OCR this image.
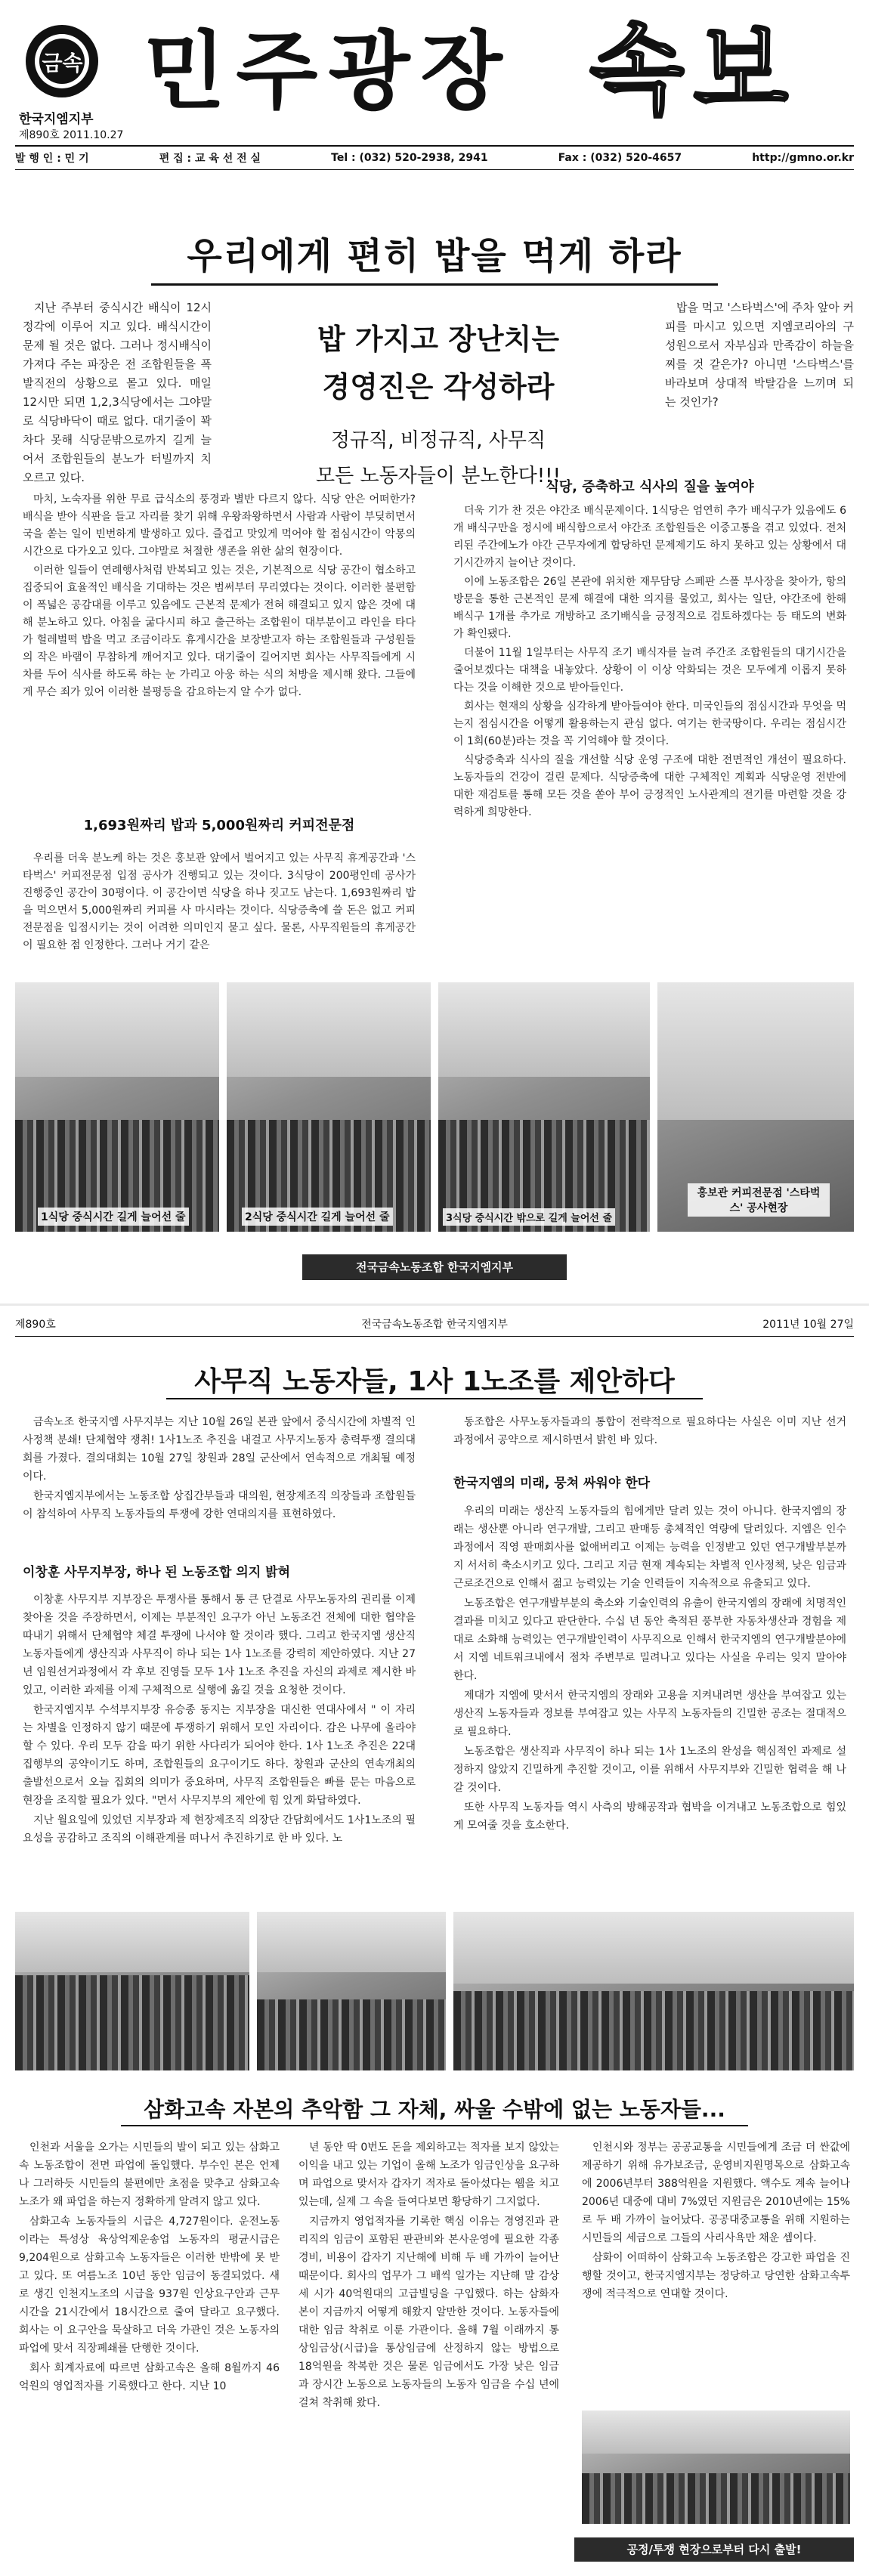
금속
한국지엠지부
제890호 2011.10.27
민주광장 속보
발 행 인 : 민 기	편 집 : 교 육 선 전 실	Tel : (032) 520-2938, 2941	Fax : (032) 520-4657	http://gmno.or.kr
우리에게 편히 밥을 먹게 하라

지난 주부터 중식시간 배식이 12시 정각에 이루어 지고 있다. 배식시간이 문제 될 것은 없다. 그러나 정시배식이 가져다 주는 파장은 전 조합원들을 폭발직전의 상황으로 몰고 있다. 매일 12시만 되면 1,2,3식당에서는 그야말로 식당바닥이 때로 없다. 대기줄이 꽉 차다 못해 식당문밖으로까지 길게 늘어서 조합원들의 분노가 터빌까지 치오르고 있다.

밥 가지고 장난치는
경영진은 각성하라
정규직, 비정규직, 사무직
모든 노동자들이 분노한다!!!

밥을 먹고 '스타벅스'에 주차 앞아 커피를 마시고 있으면 지엠코리아의 구성원으로서 자부심과 만족감이 하늘을 찌를 것 같은가? 아니면 '스타벅스'를 바라보며 상대적 박탈감을 느끼며 되는 것인가?

마치, 노숙자를 위한 무료 급식소의 풍경과 별반 다르지 않다. 식당 안은 어떠한가? 배식을 받아 식판을 들고 자리를 찾기 위해 우왕좌왕하면서 사람과 사람이 부딪히면서 국을 쏟는 일이 빈번하게 발생하고 있다. 즐겁고 맛있게 먹어야 할 점심시간이 악몽의 시간으로 다가오고 있다. 그야말로 처절한 생존을 위한 삶의 현장이다.

이러한 일들이 연례행사처럼 반복되고 있는 것은, 기본적으로 식당 공간이 협소하고 집중되어 효율적인 배식을 기대하는 것은 범써부터 무리였다는 것이다. 이러한 불편함이 폭넓은 공감대를 이루고 있음에도 근본적 문제가 전혀 해결되고 있지 않은 것에 대해 분노하고 있다. 아침을 굶다시피 하고 출근하는 조합원이 대부분이고 라인을 타다가 헐레벌떡 밥을 먹고 조금이라도 휴게시간을 보장받고자 하는 조합원들과 구성원들의 작은 바램이 무참하게 깨어지고 있다. 대기줄이 길어지면 회사는 사무직들에게 시차를 두어 식사를 하도록 하는 눈 가리고 아웅 하는 식의 처방을 제시해 왔다. 그들에게 무슨 죄가 있어 이러한 불평등을 감요하는지 알 수가 없다.

식당, 증축하고 식사의 질을 높여야

더욱 기가 찬 것은 야간조 배식문제이다. 1식당은 엄연히 추가 배식구가 있음에도 6개 배식구만을 정시에 배식함으로서 야간조 조합원들은 이중고통을 겪고 있었다. 전처리된 주간에노가 야간 근무자에게 합당하던 문제제기도 하지 못하고 있는 상황에서 대기시간까지 늘어난 것이다.

이에 노동조합은 26일 본관에 위치한 재무담당 스페판 스폴 부사장을 찾아가, 항의방문을 통한 근본적인 문제 해결에 대한 의지를 물었고, 회사는 일단, 야간조에 한해 배식구 1개를 추가로 개방하고 조기배식을 긍정적으로 검토하겠다는 등 태도의 변화가 확인됐다.

더불어 11월 1일부터는 사무직 조기 배식자를 늘려 주간조 조합원들의 대기시간을 줄어보겠다는 대책을 내놓았다. 상황이 이 이상 악화되는 것은 모두에게 이롭지 못하다는 것을 이해한 것으로 받아들인다.

회사는 현재의 상황을 심각하게 받아들여야 한다. 미국인들의 점심시간과 무엇을 먹는지 점심시간을 어떻게 활용하는지 관심 없다. 여기는 한국땅이다. 우리는 점심시간이 1회(60분)라는 것을 꼭 기억해야 할 것이다.

식당증축과 식사의 질을 개선할 식당 운영 구조에 대한 전면적인 개선이 필요하다. 노동자들의 건강이 걸린 문제다. 식당증축에 대한 구체적인 계획과 식당운영 전반에 대한 재검토를 통해 모든 것을 쏟아 부어 긍정적인 노사관계의 전기를 마련할 것을 강력하게 희망한다.

1,693원짜리 밥과 5,000원짜리 커피전문점

우리를 더욱 분노케 하는 것은 홍보관 앞에서 벌어지고 있는 사무직 휴게공간과 '스타벅스' 커피전문점 입점 공사가 진행되고 있는 것이다. 3식당이 200평인데 공사가 진행중인 공간이 30평이다. 이 공간이면 식당을 하나 짓고도 남는다. 1,693원짜리 밥을 먹으면서 5,000원짜리 커피를 사 마시라는 것이다. 식당증축에 쓸 돈은 없고 커피전문점을 입점시키는 것이 어려한 의미인지 묻고 싶다. 물론, 사무직원들의 휴게공간이 필요한 점 인정한다. 그러나 거기 같은

1식당 중식시간 길게 늘어선 줄	2식당 중식시간 길게 늘어선 줄	3식당 중식시간 밖으로 길게 늘어선 줄
홍보관 커피전문점 '스타벅스' 공사현장
전국금속노동조합 한국지엠지부
제890호	전국금속노동조합 한국지엠지부	2011년 10월 27일
사무직 노동자들, 1사 1노조를 제안하다

금속노조 한국지엠 사무지부는 지난 10월 26일 본관 앞에서 중식시간에 차별적 인사정책 분쇄! 단체협약 쟁취! 1사1노조 추진을 내걸고 사무지노동자 총력투쟁 결의대회를 가졌다. 결의대회는 10월 27일 창원과 28일 군산에서 연속적으로 개최될 예정이다.

한국지엠지부에서는 노동조합 상집간부들과 대의원, 현장제조직 의장들과 조합원들이 참석하여 사무직 노동자들의 투쟁에 강한 연대의지를 표현하였다.

이창훈 사무지부장, 하나 된 노동조합 의지 밝혀

이창훈 사무지부 지부장은 투쟁사를 통해서 통 큰 단결로 사무노동자의 권리를 이제 찾아올 것을 주장하면서, 이제는 부분적인 요구가 아닌 노동조건 전체에 대한 협약을 따내기 위해서 단체협약 체결 투쟁에 나서야 할 것이라 했다. 그리고 한국지엠 생산직 노동자들에게 생산직과 사무직이 하나 되는 1사 1노조를 강력히 제안하였다. 지난 27년 임원선거과정에서 각 후보 진영들 모두 1사 1노조 추진을 자신의 과제로 제시한 바 있고, 이러한 과제를 이제 구체적으로 실행에 옮길 것을 요청한 것이다.

한국지엠지부 수석부지부장 유승종 동지는 지부장을 대신한 연대사에서 " 이 자리는 차별을 인정하지 않기 때문에 투쟁하기 위해서 모인 자리이다. 감은 나무에 올라야 할 수 있다. 우리 모두 감을 따기 위한 사다리가 되어야 한다. 1사 1노조 추진은 22대 집행부의 공약이기도 하며, 조합원들의 요구이기도 하다. 창원과 군산의 연속개최의 출발선으로서 오늘 집회의 의미가 중요하며, 사무직 조합원들은 빠를 문는 마음으로 현장을 조직할 필요가 있다. "면서 사무지부의 제안에 힘 있게 화답하였다.

지난 월요일에 있었던 지부장과 제 현장제조직 의장단 간담회에서도 1사1노조의 필요성을 공감하고 조직의 이해관계를 떠나서 추진하기로 한 바 있다. 노

동조합은 사무노동자들과의 통합이 전략적으로 필요하다는 사실은 이미 지난 선거과정에서 공약으로 제시하면서 밝힌 바 있다.

한국지엠의 미래, 뭉쳐 싸워야 한다

우리의 미래는 생산직 노동자들의 힘에게만 달려 있는 것이 아니다. 한국지엠의 장래는 생산뿐 아니라 연구개발, 그리고 판매등 총체적인 역량에 달려있다. 지엠은 인수과정에서 직영 판매회사를 없애버리고 이제는 능력을 인정받고 있던 연구개발부분까지 서서히 축소시키고 있다. 그리고 지금 현재 계속되는 차별적 인사정책, 낮은 임금과 근로조건으로 인해서 젊고 능력있는 기술 인력들이 지속적으로 유출되고 있다.

노동조합은 연구개발부분의 축소와 기술인력의 유출이 한국지엠의 장래에 치명적인 결과를 미치고 있다고 판단한다. 수십 년 동안 축적된 풍부한 자동차생산과 경험을 제대로 소화해 능력있는 연구개발인력이 사무직으로 인해서 한국지엠의 연구개발분야에서 지엠 네트워크내에서 점차 주변부로 밀려나고 있다는 사실을 우리는 잊지 말아야 한다.

제대가 지엠에 맞서서 한국지엠의 장래와 고용을 지켜내려면 생산을 부여잡고 있는 생산직 노동자들과 정보를 부여잡고 있는 사무직 노동자들의 긴밀한 공조는 절대적으로 필요하다.

노동조합은 생산직과 사무직이 하나 되는 1사 1노조의 완성을 핵심적인 과제로 설정하지 않았지 긴밀하게 추진할 것이고, 이를 위해서 사무지부와 긴밀한 협력을 해 나갈 것이다.

또한 사무직 노동자들 역시 사측의 방해공작과 협박을 이겨내고 노동조합으로 힘있게 모여줄 것을 호소한다.

삼화고속 자본의 추악함 그 자체, 싸울 수밖에 없는 노동자들...

인천과 서울을 오가는 시민들의 발이 되고 있는 삼화고속 노동조합이 전면 파업에 돌입했다. 부수인 본은 언제나 그러하듯 시민들의 불편에만 초점을 맞추고 삼화고속 노조가 왜 파업을 하는지 정확하게 알려지 않고 있다.

삼화고속 노동자들의 시급은 4,727원이다. 운전노동이라는 특성상 육상억제운송업 노동자의 평균시급은 9,204원으로 삼화고속 노동자들은 이러한 반밖에 못 받고 있다. 또 여름노조 10년 동안 임금이 동결되었다. 새로 생긴 인천지노조의 시급을 937원 인상요구안과 근무시간을 21시간에서 18시간으로 줄여 달라고 요구했다. 회사는 이 요구안을 묵살하고 더욱 가관인 것은 노동자의 파업에 맞서 직장폐쇄를 단행한 것이다.

회사 회계자료에 따르면 삼화고속은 올해 8월까지 46억원의 영업적자를 기록했다고 한다. 지난 10

년 동안 딱 0번도 돈을 제외하고는 적자를 보지 않았는 이익을 내고 있는 기업이 올해 노조가 임금인상을 요구하며 파업으로 맞서자 갑자기 적자로 돌아섰다는 웹을 치고 있는데, 실제 그 속을 들여다보면 황당하기 그지없다.

지금까지 영업적자를 기록한 핵심 이유는 경영진과 관리직의 임금이 포함된 판관비와 본사운영에 필요한 각종 경비, 비용이 갑자기 지난해에 비해 두 배 가까이 늘어난 때문이다. 회사의 업무가 그 배씩 일가는 지난해 말 감상세 시가 40억원대의 고급빌딩을 구입했다. 하는 삼화자본이 지금까지 어떻게 해왔지 알만한 것이다. 노동자들에 대한 임금 착취로 이룬 가관이다. 올해 7월 이래까지 통상임금상(시급)을 통상임금에 산정하지 않는 방법으로 18억원을 착복한 것은 물론 임금에서도 가장 낮은 임금과 장시간 노동으로 노동자들의 노동자 임금을 수십 년에 걸쳐 착취해 왔다.

인천시와 정부는 공공교통을 시민들에게 조금 더 싼값에 제공하기 위해 유가보조금, 운영비지원명목으로 삼화고속에 2006년부터 388억원을 지원했다. 액수도 계속 늘어나 2006년 대중에 대비 7%였던 지원금은 2010년에는 15%로 두 배 가까이 늘어났다. 공공대중교통을 위해 지원하는 시민들의 세금으로 그들의 사리사욕만 채운 셈이다.

삼화이 어떠하이 삼화고속 노동조합은 강고한 파업을 진행할 것이고, 한국지엠지부는 정당하고 당연한 삼화고속투쟁에 적극적으로 연대할 것이다.

공정/투쟁 현장으로부터 다시 출발!
